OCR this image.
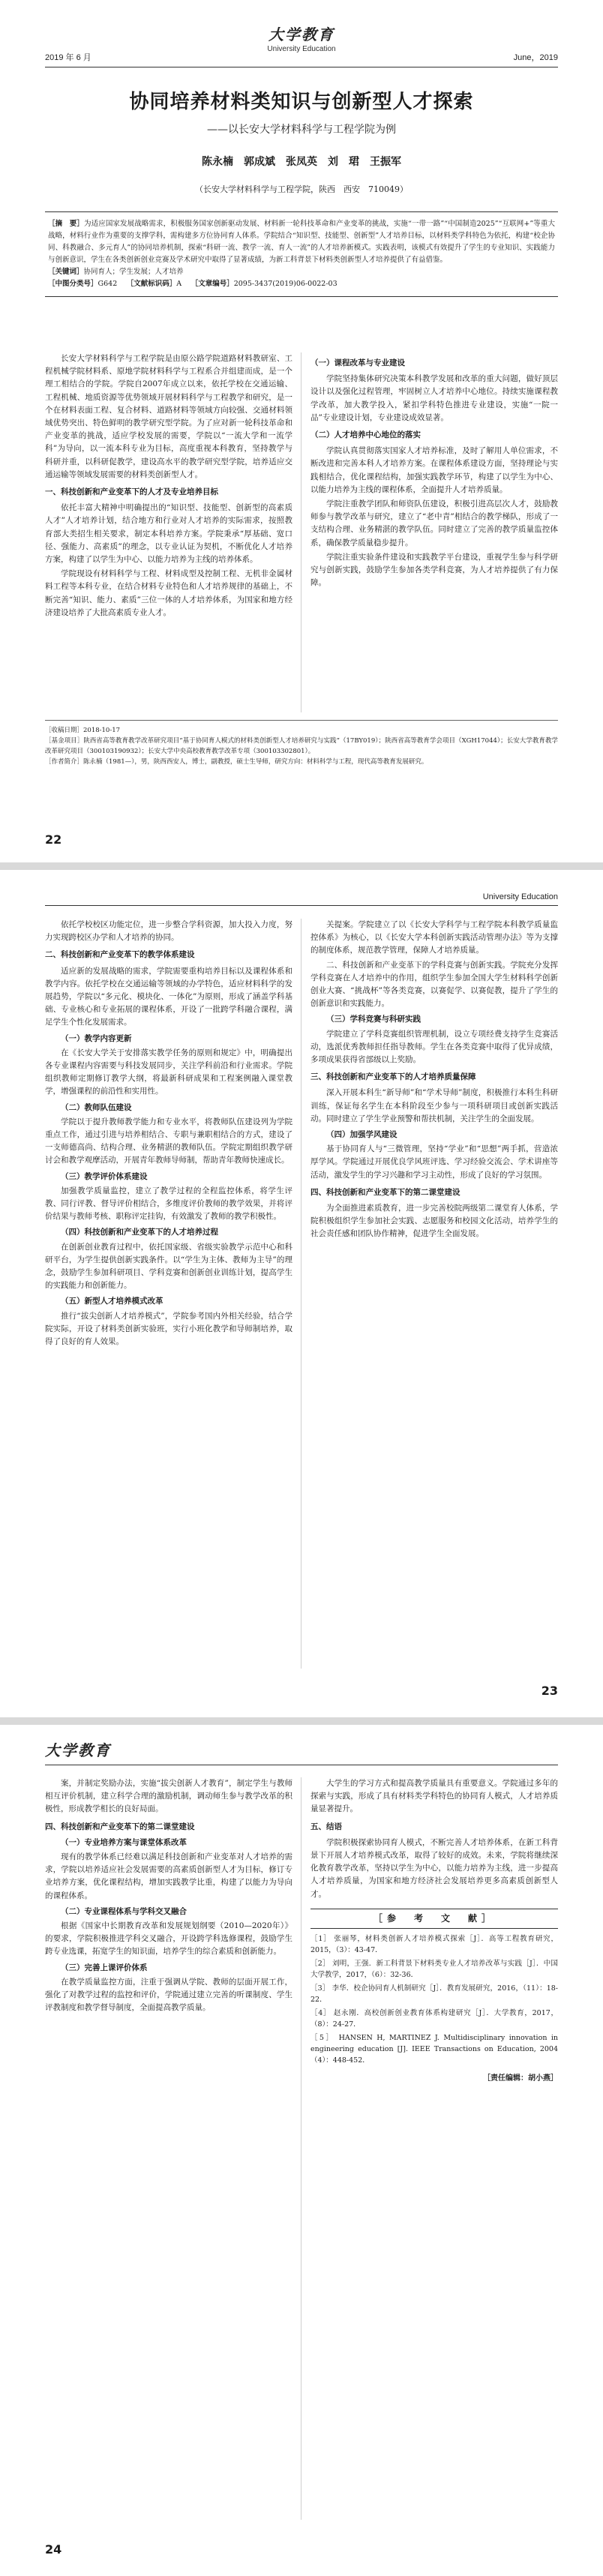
大学教育
University Education
2019 年 6 月	June，2019
协同培养材料类知识与创新型人才探索
——以长安大学材料科学与工程学院为例
陈永楠　郭成斌　张凤英　刘　珺　王振军
（长安大学材料科学与工程学院，陕西　西安　710049）
［摘　要］为适应国家发展战略需求，积极服务国家创新驱动发展、材料新一轮科技革命和产业变革的挑战，实施“一带一路”“中国制造2025”“互联网+”等重大战略，材料行业作为重要的支撑学科，需构建多方位协同育人体系。学院结合“知识型、技能型、创新型”人才培养目标，以材料类学科特色为依托，构建“校企协同、科教融合、多元育人”的协同培养机制，探索“科研一流、教学一流、育人一流”的人才培养新模式。实践表明，该模式有效提升了学生的专业知识、实践能力与创新意识，学生在各类创新创业竞赛及学术研究中取得了显著成绩，为新工科背景下材料类创新型人才培养提供了有益借鉴。
［关键词］协同育人；学生发展；人才培养
［中图分类号］G642　 ［文献标识码］A　 ［文章编号］2095-3437(2019)06-0022-03

长安大学材料科学与工程学院是由原公路学院道路材料教研室、工程机械学院材料系、原地学院材料科学与工程系合并组建而成，是一个理工相结合的学院。学院自2007年成立以来，依托学校在交通运输、工程机械、地质资源等优势领域开展材料科学与工程教学和研究，是一个在材料表面工程、复合材料、道路材料等领域方向较强、交通材料领域优势突出、特色鲜明的教学研究型学院。为了应对新一轮科技革命和产业变革的挑战，适应学校发展的需要，学院以“一流大学和一流学科”为导向，以一流本科专业为目标，高度重视本科教育，坚持教学与科研并重，以科研促教学，建设高水平的教学研究型学院，培养适应交通运输等领域发展需要的材料类创新型人才。

一、科技创新和产业变革下的人才及专业培养目标

依托丰富大精神中明确提出的“知识型、技能型、创新型的高素质人才”人才培养计划，结合地方和行业对人才培养的实际需求，按照教育部大类招生相关要求，制定本科培养方案。学院秉承“厚基础、宽口径、强能力、高素质”的理念，以专业认证为契机，不断优化人才培养方案，构建了以学生为中心、以能力培养为主线的培养体系。

学院现设有材料科学与工程、材料成型及控制工程、无机非金属材料工程等本科专业，在结合材料专业特色和人才培养规律的基础上，不断完善“知识、能力、素质”三位一体的人才培养体系，为国家和地方经济建设培养了大批高素质专业人才。

（一）课程改革与专业建设

学院坚持集体研究决策本科教学发展和改革的重大问题，做好顶层设计以及强化过程管理，牢固树立人才培养中心地位。持续实施课程教学改革，加大教学投入，紧扣学科特色推进专业建设，实施“一院一品”专业建设计划，专业建设成效显著。

（二）人才培养中心地位的落实

学院认真贯彻落实国家人才培养标准，及时了解用人单位需求，不断改进和完善本科人才培养方案。在课程体系建设方面，坚持理论与实践相结合，优化课程结构，加强实践教学环节，构建了以学生为中心、以能力培养为主线的课程体系，全面提升人才培养质量。

学院注重教学团队和师资队伍建设，积极引进高层次人才，鼓励教师参与教学改革与研究，建立了“老中青”相结合的教学梯队，形成了一支结构合理、业务精湛的教学队伍。同时建立了完善的教学质量监控体系，确保教学质量稳步提升。

学院注重实验条件建设和实践教学平台建设，重视学生参与科学研究与创新实践，鼓励学生参加各类学科竞赛，为人才培养提供了有力保障。

［收稿日期］2018-10-17
［基金项目］陕西省高等教育教学改革研究项目“基于协同育人模式的材料类创新型人才培养研究与实践”（17BY019）；陕西省高等教育学会项目（XGH17044）；长安大学教育教学改革研究项目（300103190932）；长安大学中央高校教育教学改革专项（300103302801）。
［作者简介］陈永楠（1981—），男，陕西西安人，博士，副教授，硕士生导师，研究方向：材料科学与工程，现代高等教育发展研究。
22
University Education

依托学校校区功能定位，进一步整合学科资源，加大投入力度，努力实现跨校区办学和人才培养的协同。

二、科技创新和产业变革下的教学体系建设

适应新的发展战略的需求，学院需要重构培养目标以及课程体系和教学内容。依托学校在交通运输等领域的办学特色，适应材料科学的发展趋势，学院以“多元化、模块化、一体化”为原则，形成了涵盖学科基础、专业核心和专业拓展的课程体系，开设了一批跨学科融合课程，满足学生个性化发展需求。

（一）教学内容更新

在《长安大学关于安排落实教学任务的原则和规定》中，明确提出各专业课程内容需要与科技发展同步，关注学科前沿和行业需求。学院组织教师定期修订教学大纲，将最新科研成果和工程案例融入课堂教学，增强课程的前沿性和实用性。

（二）教师队伍建设

学院以于提升教师教学能力和专业水平，将教师队伍建设列为学院重点工作，通过引进与培养相结合、专职与兼职相结合的方式，建设了一支师德高尚、结构合理、业务精湛的教师队伍。学院定期组织教学研讨会和教学观摩活动，开展青年教师导师制，帮助青年教师快速成长。

（三）教学评价体系建设

加强教学质量监控，建立了教学过程的全程监控体系，将学生评教、同行评教、督导评价相结合，多维度评价教师的教学效果，并将评价结果与教师考核、职称评定挂钩，有效激发了教师的教学积极性。

（四）科技创新和产业变革下的人才培养过程

在创新创业教育过程中，依托国家级、省级实验教学示范中心和科研平台，为学生提供创新实践条件。以“学生为主体、教师为主导”的理念，鼓励学生参加科研项目、学科竞赛和创新创业训练计划，提高学生的实践能力和创新能力。

（五）新型人才培养模式改革

推行“拔尖创新人才培养模式”，学院参考国内外相关经验，结合学院实际，开设了材料类创新实验班，实行小班化教学和导师制培养，取得了良好的育人效果。

关提案。学院建立了以《长安大学科学与工程学院本科教学质量监控体系》为核心，以《长安大学本科创新实践活动管理办法》等为支撑的制度体系，规范教学管理，保障人才培养质量。

二、科技创新和产业变革下的学科竞赛与创新实践。学院充分发挥学科竞赛在人才培养中的作用，组织学生参加全国大学生材料科学创新创业大赛、“挑战杯”等各类竞赛，以赛促学、以赛促教，提升了学生的创新意识和实践能力。

（三）学科竞赛与科研实践

学院建立了学科竞赛组织管理机制，设立专项经费支持学生竞赛活动，选派优秀教师担任指导教师。学生在各类竞赛中取得了优异成绩，多项成果获得省部级以上奖励。

三、科技创新和产业变革下的人才培养质量保障

深入开展本科生“新导师”和“学术导师”制度，积极推行本科生科研训练，保证每名学生在本科阶段至少参与一项科研项目或创新实践活动。同时建立了学生学业预警和帮扶机制，关注学生的全面发展。

（四）加强学风建设

基于协同育人与“三微管理，坚持“学业”和“思想”两手抓，营造浓厚学风。学院通过开展优良学风班评选、学习经验交流会、学术讲座等活动，激发学生的学习兴趣和学习主动性，形成了良好的学习氛围。

四、科技创新和产业变革下的第二课堂建设

为全面推进素质教育，进一步完善校院两级第二课堂育人体系，学院积极组织学生参加社会实践、志愿服务和校园文化活动，培养学生的社会责任感和团队协作精神，促进学生全面发展。

23
大学教育

案，并制定奖励办法，实施“拔尖创新人才教育”，制定学生与教师相互评价机制，建立科学合理的激励机制，调动师生参与教学改革的积极性，形成教学相长的良好局面。

四、科技创新和产业变革下的第二课堂建设
（一）专业培养方案与课堂体系改革

现有的教学体系已经难以满足科技创新和产业变革对人才培养的需求，学院以培养适应社会发展需要的高素质创新型人才为目标，修订专业培养方案，优化课程结构，增加实践教学比重，构建了以能力为导向的课程体系。

（二）专业课程体系与学科交叉融合

根据《国家中长期教育改革和发展规划纲要（2010—2020年）》的要求，学院积极推进学科交叉融合，开设跨学科选修课程，鼓励学生跨专业选课，拓宽学生的知识面，培养学生的综合素质和创新能力。

（三）完善上课评价体系

在教学质量监控方面，注重于强调从学院、教师的层面开展工作，强化了对教学过程的监控和评价，学院通过建立完善的听课制度、学生评教制度和教学督导制度，全面提高教学质量。

大学生的学习方式和提高教学质量具有重要意义。学院通过多年的探索与实践，形成了具有材料类学科特色的协同育人模式，人才培养质量显著提升。

五、结语

学院积极探索协同育人模式，不断完善人才培养体系，在新工科背景下开展人才培养模式改革，取得了较好的成效。未来，学院将继续深化教育教学改革，坚持以学生为中心，以能力培养为主线，进一步提高人才培养质量，为国家和地方经济社会发展培养更多高素质创新型人才。

［参　考　文　献］
［1］ 张丽琴，材料类创新人才培养模式探索［J］．高等工程教育研究，2015，（3）：43-47．
［2］ 刘明，王强．新工科背景下材料类专业人才培养改革与实践［J］．中国大学教学，2017，（6）：32-36．
［3］ 李华．校企协同育人机制研究［J］．教育发展研究，2016，（11）：18-22．
［4］ 赵永刚．高校创新创业教育体系构建研究［J］．大学教育，2017，（8）：24-27．
［5］ HANSEN H, MARTINEZ J. Multidisciplinary innovation in engineering education [J]. IEEE Transactions on Education, 2004（4）：448-452．
［责任编辑：胡小燕］
24
